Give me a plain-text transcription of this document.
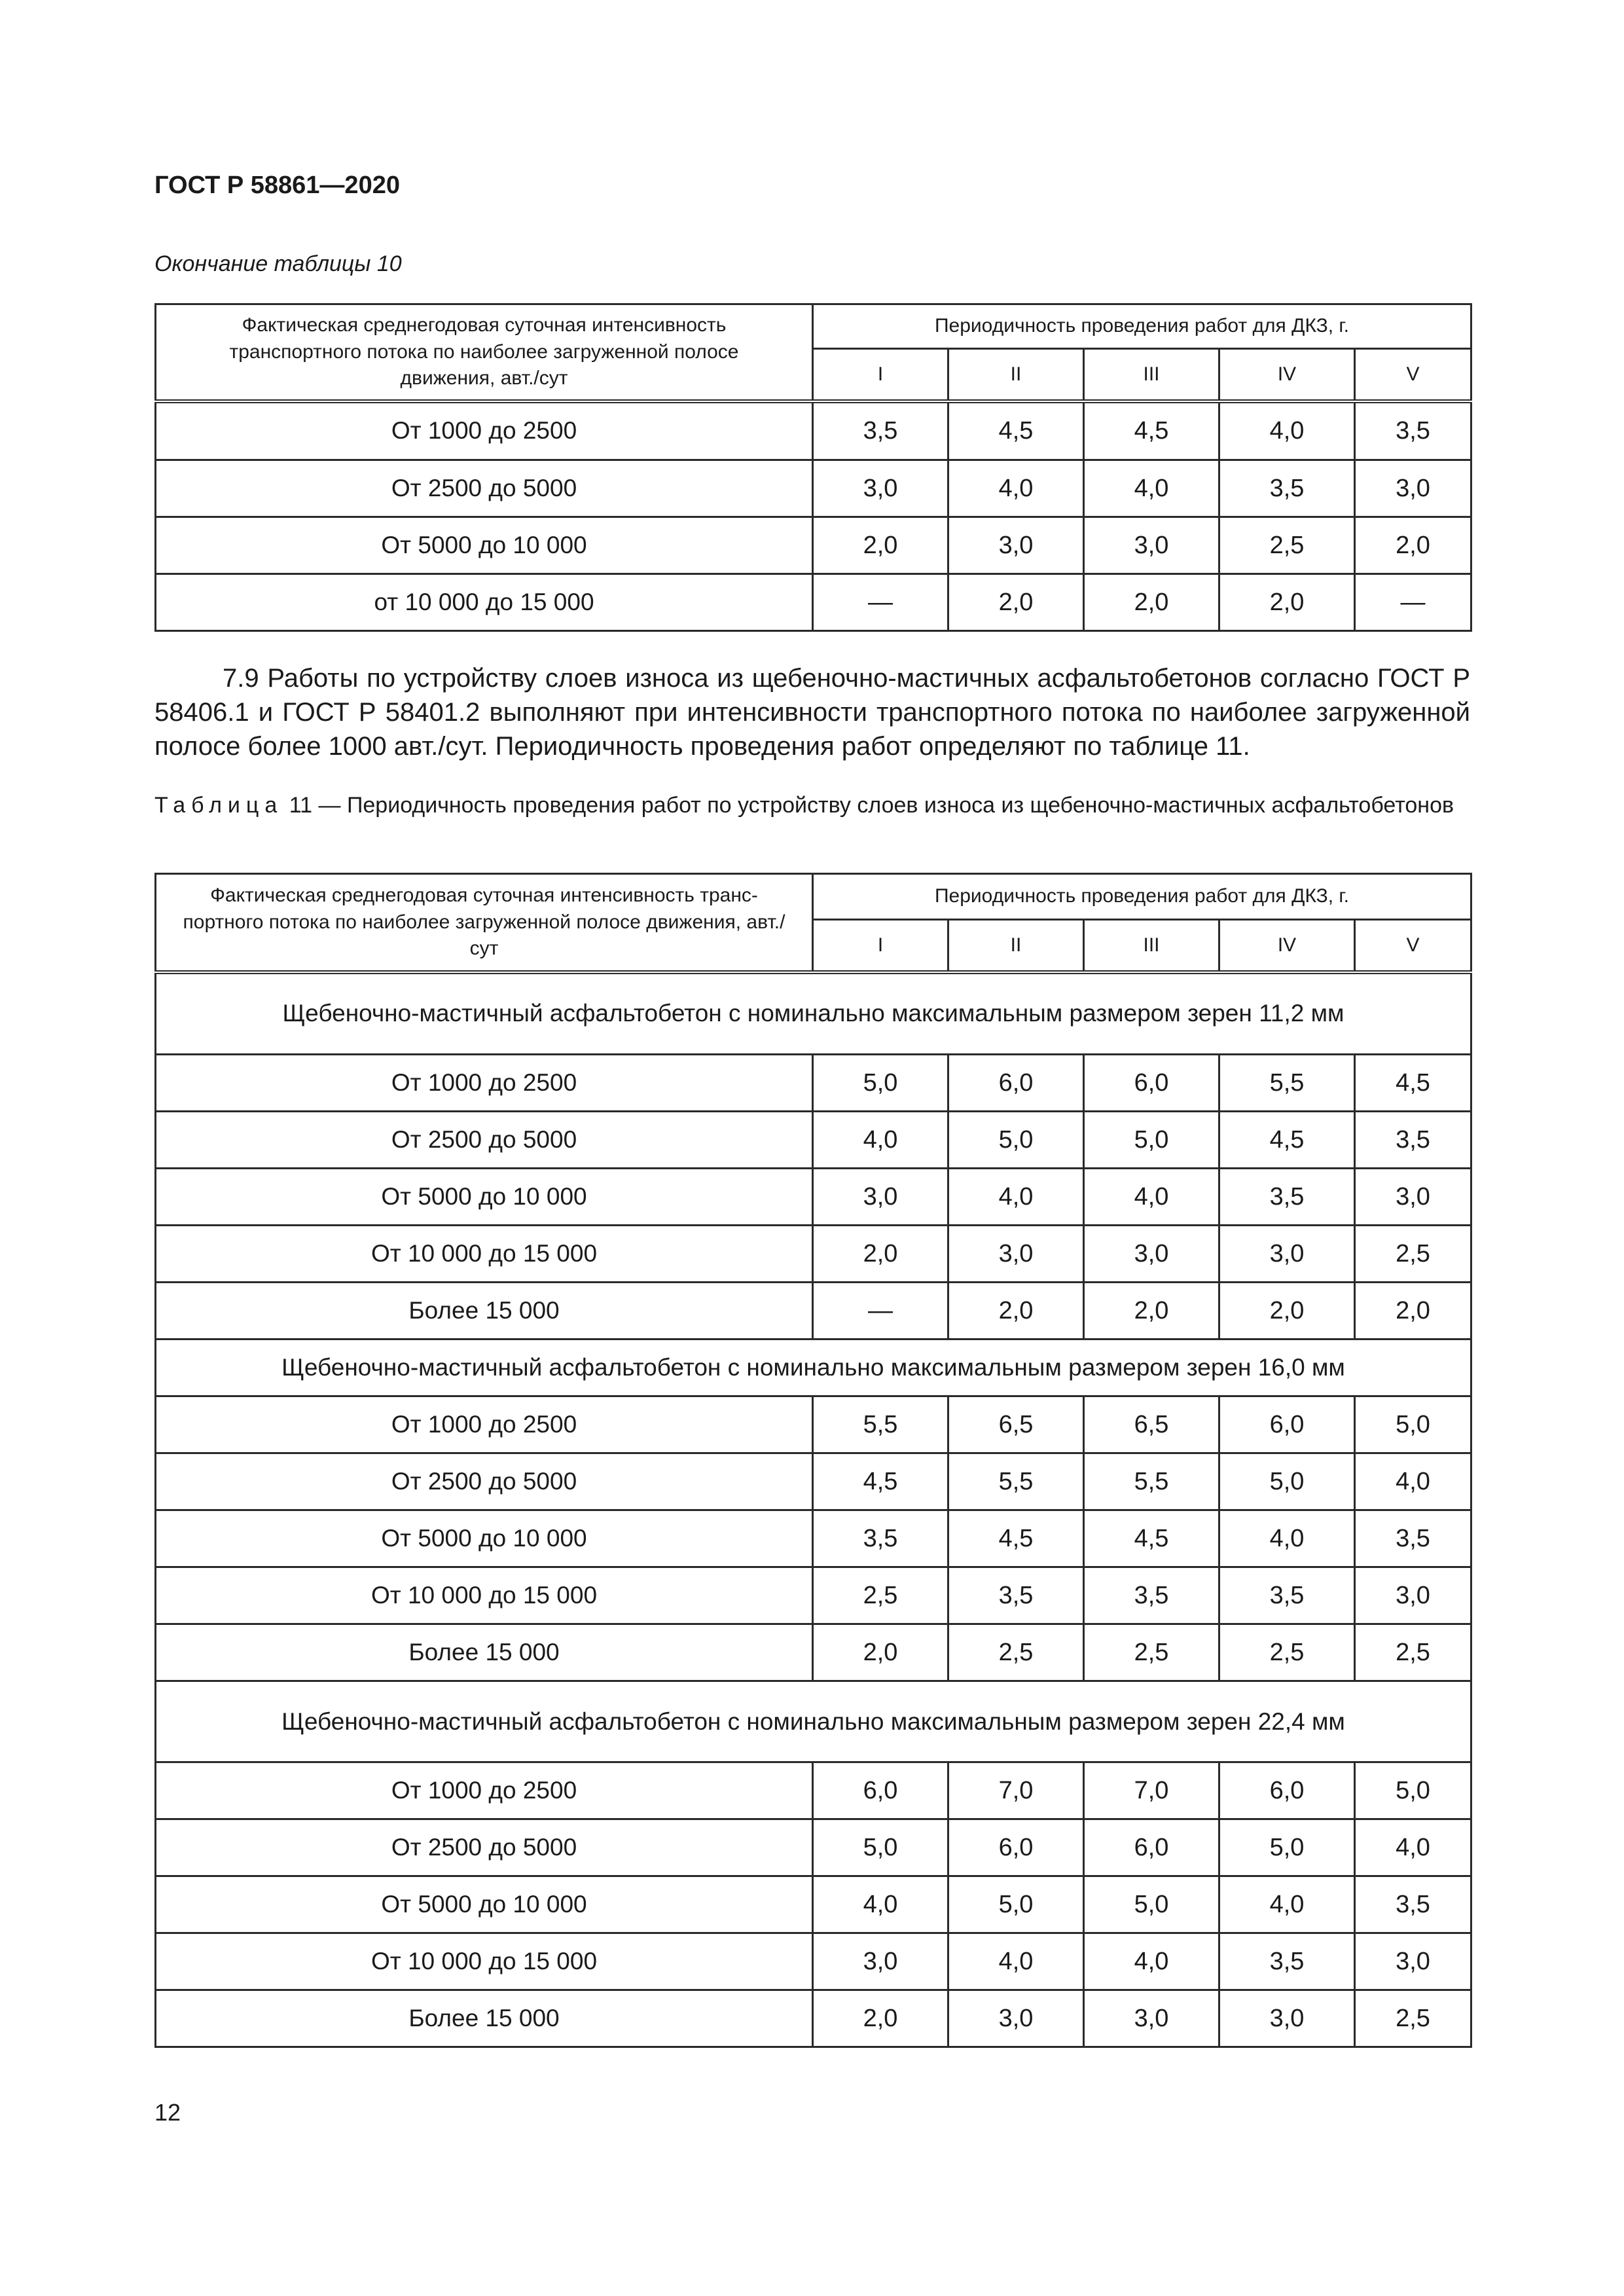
ГОСТ Р 58861—2020
Окончание таблицы 10
Фактическая среднегодовая суточная интенсивность транспортного потока по наиболее загруженной полосе движения, авт./сут	Периодичность проведения работ для ДКЗ, г.				
	I	II	III	IV	V
От 1000 до 2500	3,5	4,5	4,5	4,0	3,5
От 2500 до 5000	3,0	4,0	4,0	3,5	3,0
От 5000 до 10 000	2,0	3,0	3,0	2,5	2,0
от 10 000 до 15 000	—	2,0	2,0	2,0	—
7.9 Работы по устройству слоев износа из щебеночно-мастичных асфальтобетонов согласно ГОСТ Р 58406.1 и ГОСТ Р 58401.2 выполняют при интенсивности транспортного потока по наиболее загруженной полосе более 1000 авт./сут. Периодичность проведения работ определяют по таблице 11.
Таблица 11 — Периодичность проведения работ по устройству слоев износа из щебеночно-мастичных асфальтобетонов
Фактическая среднегодовая суточная интенсивность транс-портного потока по наиболее загруженной полосе движения, авт./сут	Периодичность проведения работ для ДКЗ, г.				
	I	II	III	IV	V
Щебеночно-мастичный асфальтобетон с номинально максимальным размером зерен 11,2 мм					
От 1000 до 2500	5,0	6,0	6,0	5,5	4,5
От 2500 до 5000	4,0	5,0	5,0	4,5	3,5
От 5000 до 10 000	3,0	4,0	4,0	3,5	3,0
От 10 000 до 15 000	2,0	3,0	3,0	3,0	2,5
Более 15 000	—	2,0	2,0	2,0	2,0
Щебеночно-мастичный асфальтобетон с номинально максимальным размером зерен 16,0 мм					
От 1000 до 2500	5,5	6,5	6,5	6,0	5,0
От 2500 до 5000	4,5	5,5	5,5	5,0	4,0
От 5000 до 10 000	3,5	4,5	4,5	4,0	3,5
От 10 000 до 15 000	2,5	3,5	3,5	3,5	3,0
Более 15 000	2,0	2,5	2,5	2,5	2,5
Щебеночно-мастичный асфальтобетон с номинально максимальным размером зерен 22,4 мм					
От 1000 до 2500	6,0	7,0	7,0	6,0	5,0
От 2500 до 5000	5,0	6,0	6,0	5,0	4,0
От 5000 до 10 000	4,0	5,0	5,0	4,0	3,5
От 10 000 до 15 000	3,0	4,0	4,0	3,5	3,0
Более 15 000	2,0	3,0	3,0	3,0	2,5
12
